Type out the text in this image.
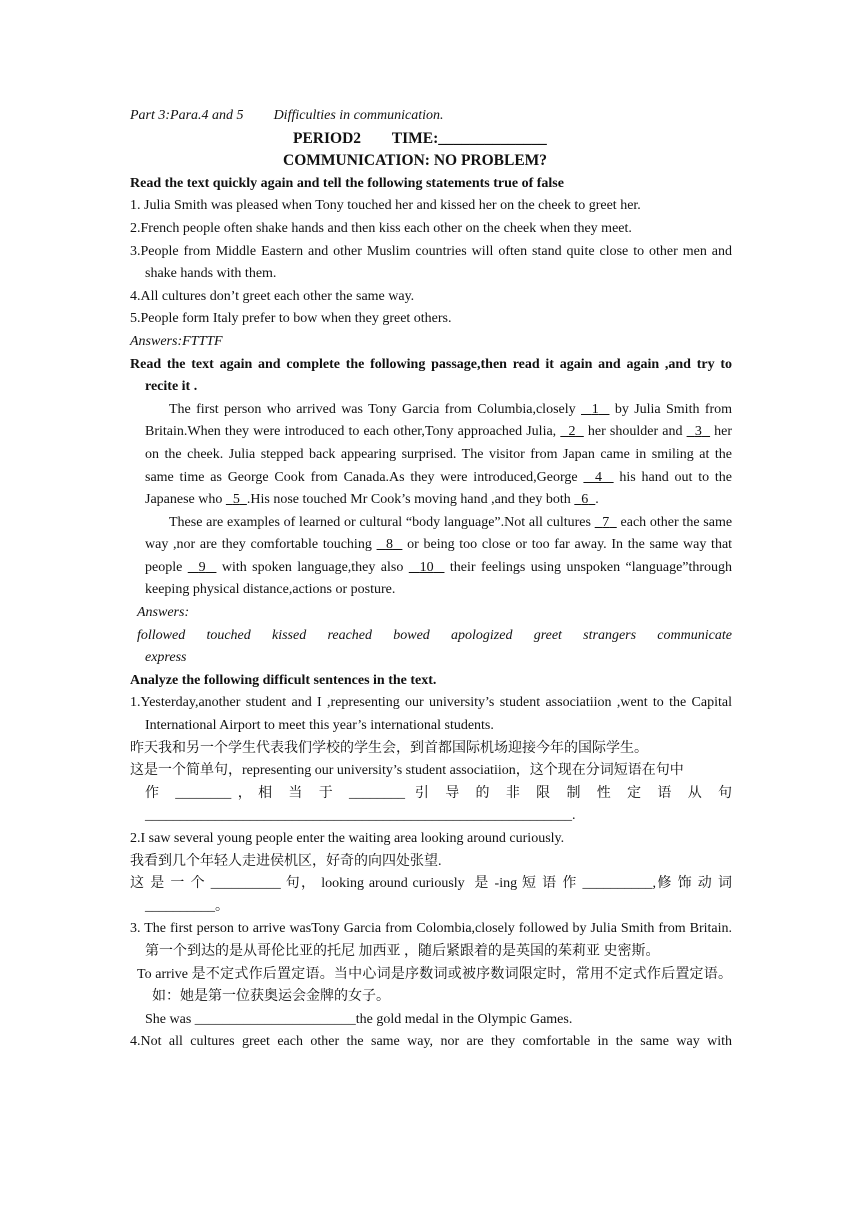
Part 3:Para.4 and 5 Difficulties in communication.
PERIOD2        TIME:______________
COMMUNICATION: NO PROBLEM?
Read the text quickly again and tell the following statements true of false
1. Julia Smith was pleased when Tony touched her and kissed her on the cheek to greet her.
2.French people often shake hands and then kiss each other on the cheek when they meet.
3.People from Middle Eastern and other Muslim countries will often stand quite close to other men and shake hands with them.
4.All cultures don’t greet each other the same way.
5.People form Italy prefer to bow when they greet others.
Answers:FTTTF
Read the text again and complete the following passage,then read it again and again ,and try to recite it .
The first person who arrived was Tony Garcia from Columbia,closely 1 by Julia Smith from Britain.When they were introduced to each other,Tony approached Julia, 2 her shoulder and 3 her on the cheek. Julia stepped back appearing surprised. The visitor from Japan came in smiling at the same time as George Cook from Canada.As they were introduced,George 4 his hand out to the Japanese who 5 .His nose touched Mr Cook’s moving hand ,and they both 6 .
These are examples of learned or cultural “body language”.Not all cultures 7 each other the same way ,nor are they comfortable touching 8 or being too close or too far away. In the same way that people 9 with spoken language,they also 10 their feelings using unspoken “language”through keeping physical distance,actions or posture.
Answers:
followed touched kissed reached bowed apologized greet strangers communicate
express
Analyze the following difficult sentences in the text.
1.Yesterday,another student and I ,representing our university’s student associatiion ,went to the Capital International Airport to meet this year’s international students.
昨天我和另一个学生代表我们学校的学生会，到首都国际机场迎接今年的国际学生。
这是一个简单句，representing our university’s student associatiion，这个现在分词短语在句中
作 ________，相 当 于 ________ 引 导 的 非 限 制 性 定 语 从 句
_____________________________________________________________.
2.I saw several young people enter the waiting area looking around curiously.
我看到几个年轻人走进侯机区，好奇的向四处张望.
这 是 一 个 __________ 句， looking around curiously  是 -ing 短 语 作 __________,修 饰 动 词
__________。
3. The first person to arrive wasTony Garcia from Colombia,closely followed by Julia Smith from Britain.第一个到达的是从哥伦比亚的托尼 加西亚 ，随后紧跟着的是英国的茱莉亚 史密斯。
To arrive 是不定式作后置定语。当中心词是序数词或被序数词限定时，常用不定式作后置定语。如：她是第一位获奥运会金牌的女子。
She was _______________________the gold medal in the Olympic Games.
4.Not all cultures greet each other the same way, nor are they comfortable in the same way with
